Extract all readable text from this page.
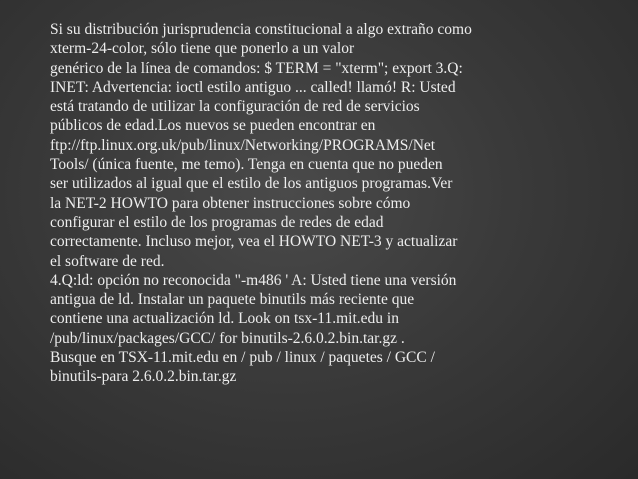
Si su distribución jurisprudencia constitucional a algo extraño como
xterm-24-color, sólo tiene que ponerlo a un valor

genérico de la línea de comandos: $ TERM = "xterm"; export 3.Q:
INET: Advertencia: ioctl estilo antiguo ... called! llamó! R: Usted
está tratando de utilizar la configuración de red de servicios
públicos de edad.Los nuevos se pueden encontrar en
ftp://ftp.linux.org.uk/pub/linux/Networking/PROGRAMS/Net
Tools/ (única fuente, me temo). Tenga en cuenta que no pueden
ser utilizados al igual que el estilo de los antiguos programas.Ver
la NET-2 HOWTO para obtener instrucciones sobre cómo
configurar el estilo de los programas de redes de edad
correctamente. Incluso mejor, vea el HOWTO NET-3 y actualizar
el software de red.

4.Q:ld: opción no reconocida "-m486 ' A: Usted tiene una versión
antigua de ld. Instalar un paquete binutils más reciente que
contiene una actualización ld. Look on tsx-11.mit.edu in
/pub/linux/packages/GCC/ for binutils-2.6.0.2.bin.tar.gz .
Busque en TSX-11.mit.edu en / pub / linux / paquetes / GCC /
binutils-para 2.6.0.2.bin.tar.gz
